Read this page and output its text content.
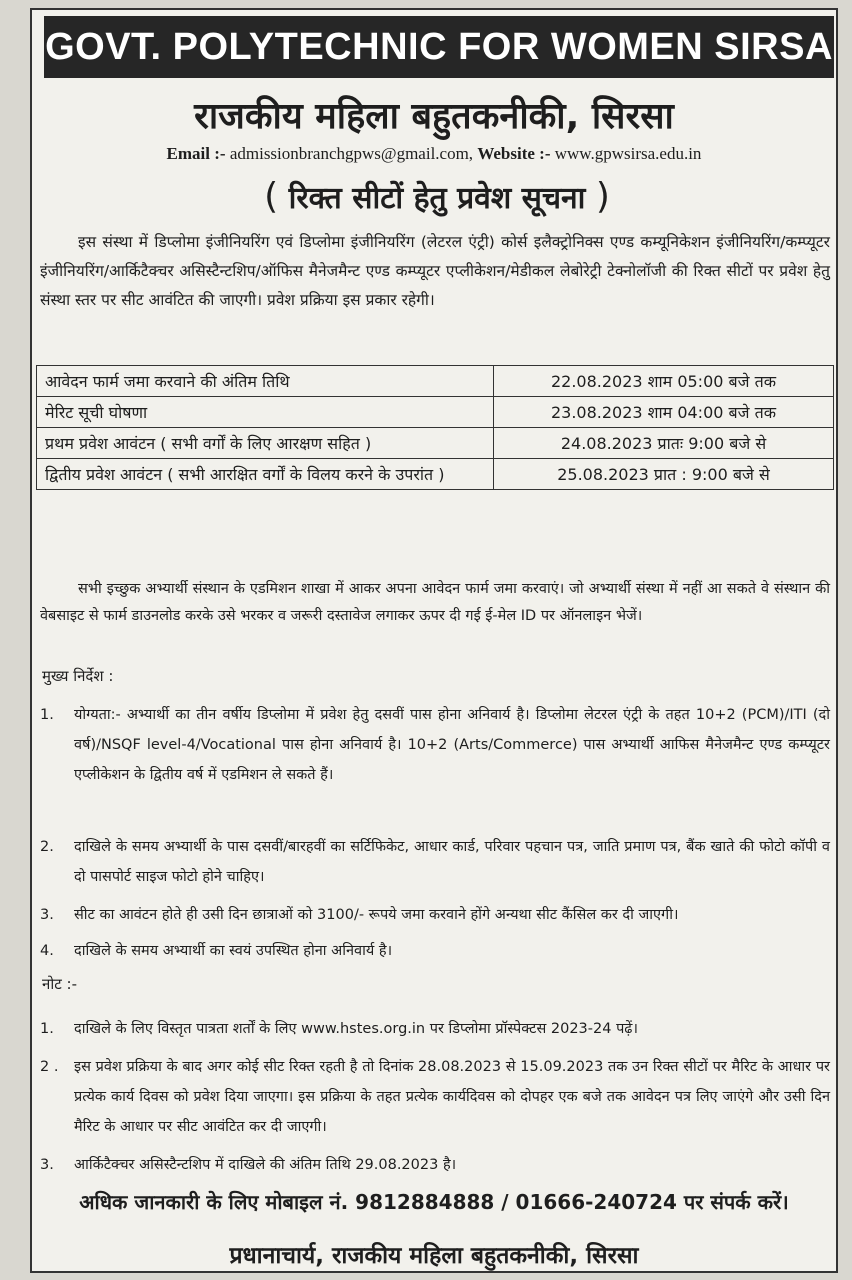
GOVT. POLYTECHNIC FOR WOMEN SIRSA
राजकीय महिला बहुतकनीकी, सिरसा
Email :- admissionbranchgpws@gmail.com, Website :- www.gpwsirsa.edu.in
( रिक्त सीटों हेतु प्रवेश सूचना )
इस संस्था में डिप्लोमा इंजीनियरिंग एवं डिप्लोमा इंजीनियरिंग (लेटरल एंट्री) कोर्स इलैक्ट्रोनिक्स एण्ड कम्यूनिकेशन इंजीनियरिंग/कम्प्यूटर इंजीनियरिंग/आर्किटैक्चर असिस्टैन्टशिप/ऑफिस मैनेजमैन्ट एण्ड कम्प्यूटर एप्लीकेशन/मेडीकल लेबोरेट्री टेक्नोलॉजी की रिक्त सीटों पर प्रवेश हेतु संस्था स्तर पर सीट आवंटित की जाएगी। प्रवेश प्रक्रिया इस प्रकार रहेगी।
आवेदन फार्म जमा करवाने की अंतिम तिथि	22.08.2023 शाम 05:00 बजे तक
मेरिट सूची घोषणा	23.08.2023 शाम 04:00 बजे तक
प्रथम प्रवेश आवंटन ( सभी वर्गों के लिए आरक्षण सहित )	24.08.2023 प्रातः 9:00 बजे से
द्वितीय प्रवेश आवंटन ( सभी आरक्षित वर्गों के विलय करने के उपरांत )	25.08.2023 प्रात : 9:00 बजे से
सभी इच्छुक अभ्यार्थी संस्थान के एडमिशन शाखा में आकर अपना आवेदन फार्म जमा करवाएं। जो अभ्यार्थी संस्था में नहीं आ सकते वे संस्थान की वेबसाइट से फार्म डाउनलोड करके उसे भरकर व जरूरी दस्तावेज लगाकर ऊपर दी गई ई-मेल ID पर ऑनलाइन भेजें।
मुख्य निर्देश :
1.	योग्यता:- अभ्यार्थी का तीन वर्षीय डिप्लोमा में प्रवेश हेतु दसवीं पास होना अनिवार्य है। डिप्लोमा लेटरल एंट्री के तहत 10+2 (PCM)/ITI (दो वर्ष)/NSQF level-4/Vocational पास होना अनिवार्य है। 10+2 (Arts/Commerce) पास अभ्यार्थी आफिस मैनेजमैन्ट एण्ड कम्प्यूटर एप्लीकेशन के द्वितीय वर्ष में एडमिशन ले सकते हैं।
2.	दाखिले के समय अभ्यार्थी के पास दसवीं/बारहवीं का सर्टिफिकेट, आधार कार्ड, परिवार पहचान पत्र, जाति प्रमाण पत्र, बैंक खाते की फोटो कॉपी व दो पासपोर्ट साइज फोटो होने चाहिए।
3.	सीट का आवंटन होते ही उसी दिन छात्राओं को 3100/- रूपये जमा करवाने होंगे अन्यथा सीट कैंसिल कर दी जाएगी।
4.	दाखिले के समय अभ्यार्थी का स्वयं उपस्थित होना अनिवार्य है।
नोट :-
1.	दाखिले के लिए विस्तृत पात्रता शर्तों के लिए www.hstes.org.in पर डिप्लोमा प्रॉस्पेक्टस 2023-24 पढ़ें।
2 .	इस प्रवेश प्रक्रिया के बाद अगर कोई सीट रिक्त रहती है तो दिनांक 28.08.2023 से 15.09.2023 तक उन रिक्त सीटों पर मैरिट के आधार पर प्रत्येक कार्य दिवस को प्रवेश दिया जाएगा। इस प्रक्रिया के तहत प्रत्येक कार्यदिवस को दोपहर एक बजे तक आवेदन पत्र लिए जाएंगे और उसी दिन मैरिट के आधार पर सीट आवंटित कर दी जाएगी।
3.	आर्किटैक्चर असिस्टैन्टशिप में दाखिले की अंतिम तिथि 29.08.2023 है।
अधिक जानकारी के लिए मोबाइल नं. 9812884888 / 01666-240724 पर संपर्क करें।
प्रधानाचार्य, राजकीय महिला बहुतकनीकी, सिरसा
